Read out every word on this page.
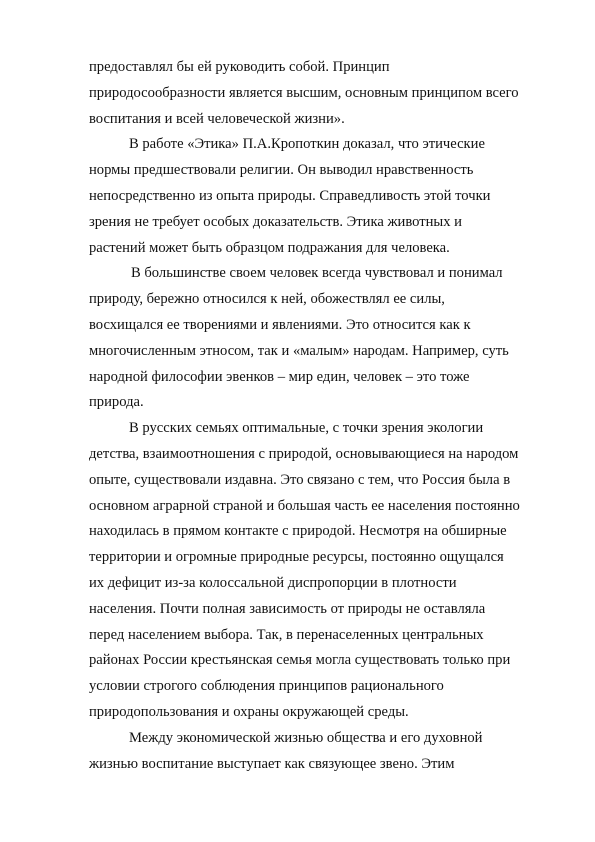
предоставлял бы ей руководить собой. Принцип
природосообразности является высшим, основным принципом всего
воспитания и всей человеческой жизни».
В работе «Этика» П.А.Кропоткин доказал, что этические
нормы предшествовали религии. Он выводил нравственность
непосредственно из опыта природы. Справедливость этой точки
зрения не требует особых доказательств. Этика животных и
растений может быть образцом подражания для человека.
В большинстве своем человек всегда чувствовал и понимал
природу, бережно относился к ней, обожествлял ее силы,
восхищался ее творениями и явлениями. Это относится как к
многочисленным этносом, так и «малым» народам. Например, суть
народной философии эвенков – мир един, человек – это тоже
природа.
В русских семьях оптимальные, с точки зрения экологии
детства, взаимоотношения с природой, основывающиеся на народом
опыте, существовали издавна. Это связано с тем, что Россия была в
основном аграрной страной и большая часть ее населения постоянно
находилась в прямом контакте с природой. Несмотря на обширные
территории и огромные природные ресурсы, постоянно ощущался
их дефицит из-за колоссальной диспропорции в плотности
населения. Почти полная зависимость от природы не оставляла
перед населением выбора. Так, в перенаселенных центральных
районах России крестьянская семья могла существовать только при
условии строгого соблюдения принципов рационального
природопользования и охраны окружающей среды.
Между экономической жизнью общества и его духовной
жизнью воспитание выступает как связующее звено. Этим
